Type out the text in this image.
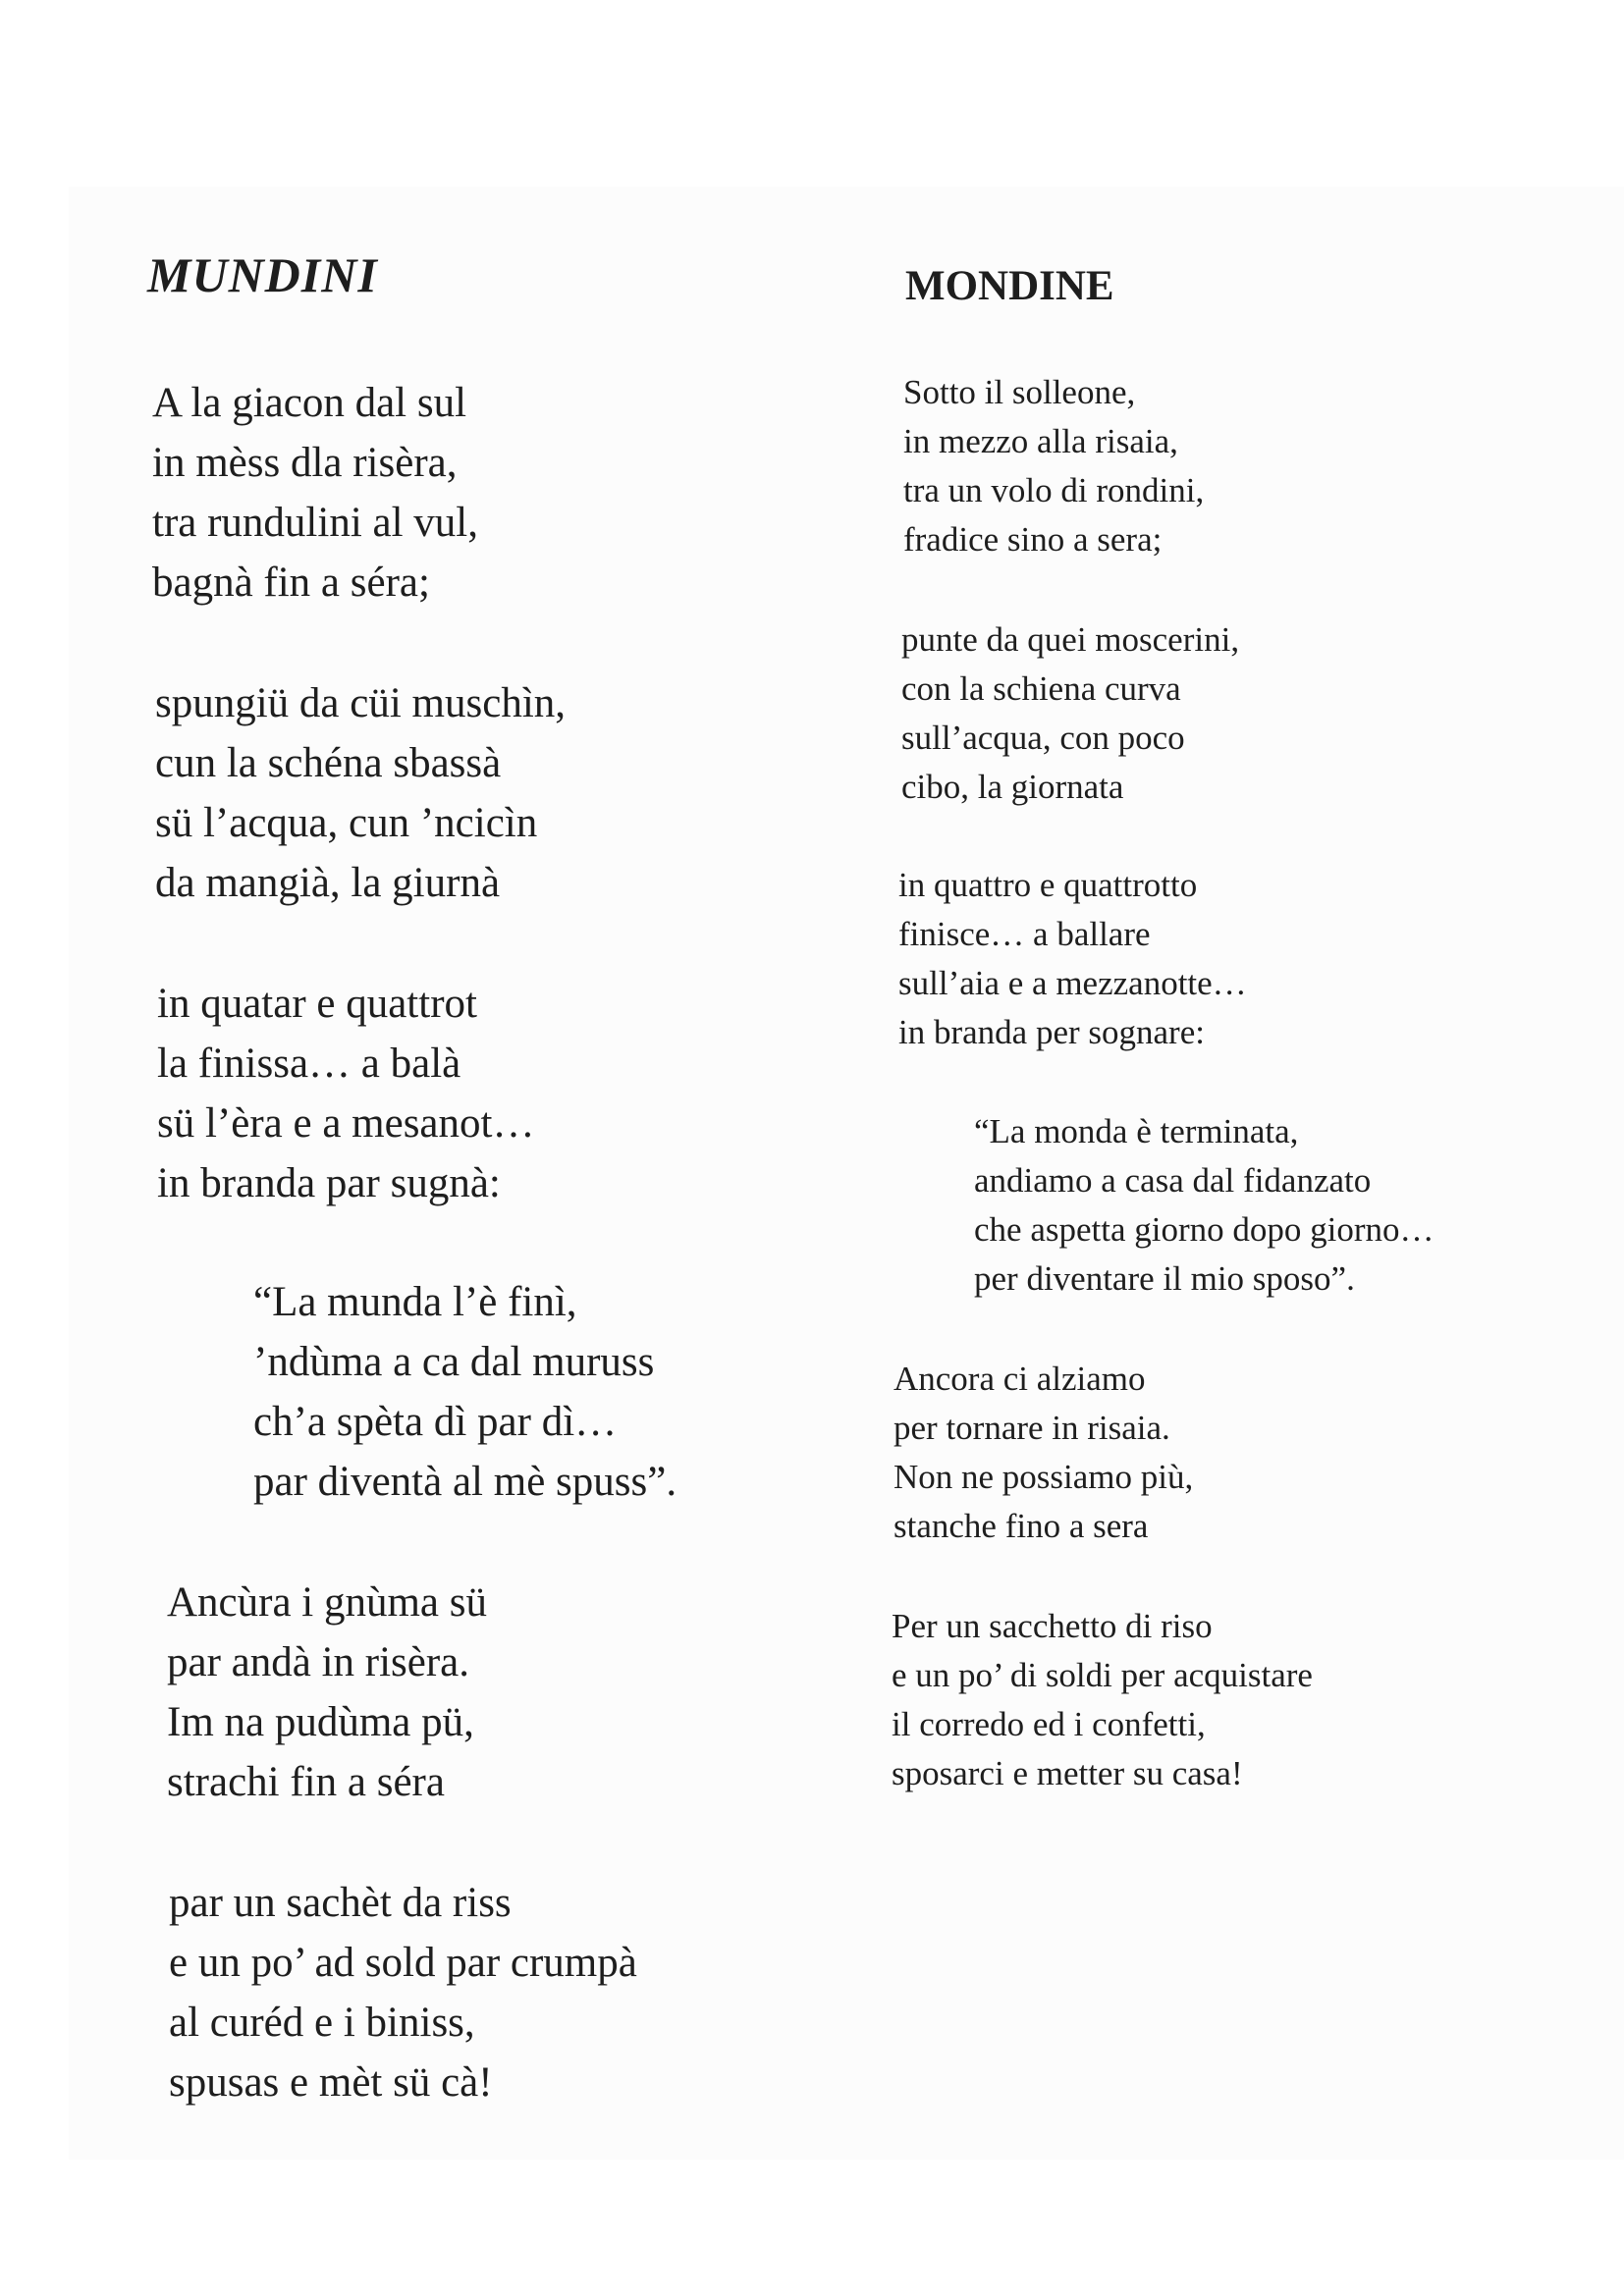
MUNDINI	MONDINE
A la giacon dal sul
in mèss dla risèra,
tra rundulini al vul,
bagnà fin a séra;
spungiü da cüi muschìn,
cun la schéna sbassà
sü l’acqua, cun ’ncicìn
da mangià, la giurnà
in quatar e quattrot
la finissa… a balà
sü l’èra e a mesanot…
in branda par sugnà:
“La munda l’è finì,
’ndùma a ca dal muruss
ch’a spèta dì par dì…
par diventà al mè spuss”.
Ancùra i gnùma sü
par andà in risèra.
Im na pudùma pü,
strachi fin a séra
par un sachèt da riss
e un po’ ad sold par crumpà
al curéd e i biniss,
spusas e mèt sü cà!
Sotto il solleone,
in mezzo alla risaia,
tra un volo di rondini,
fradice sino a sera;
punte da quei moscerini,
con la schiena curva
sull’acqua, con poco
cibo, la giornata
in quattro e quattrotto
finisce… a ballare
sull’aia e a mezzanotte…
in branda per sognare:
“La monda è terminata,
andiamo a casa dal fidanzato
che aspetta giorno dopo giorno…
per diventare il mio sposo”.
Ancora ci alziamo
per tornare in risaia.
Non ne possiamo più,
stanche fino a sera
Per un sacchetto di riso
e un po’ di soldi per acquistare
il corredo ed i confetti,
sposarci e metter su casa!
